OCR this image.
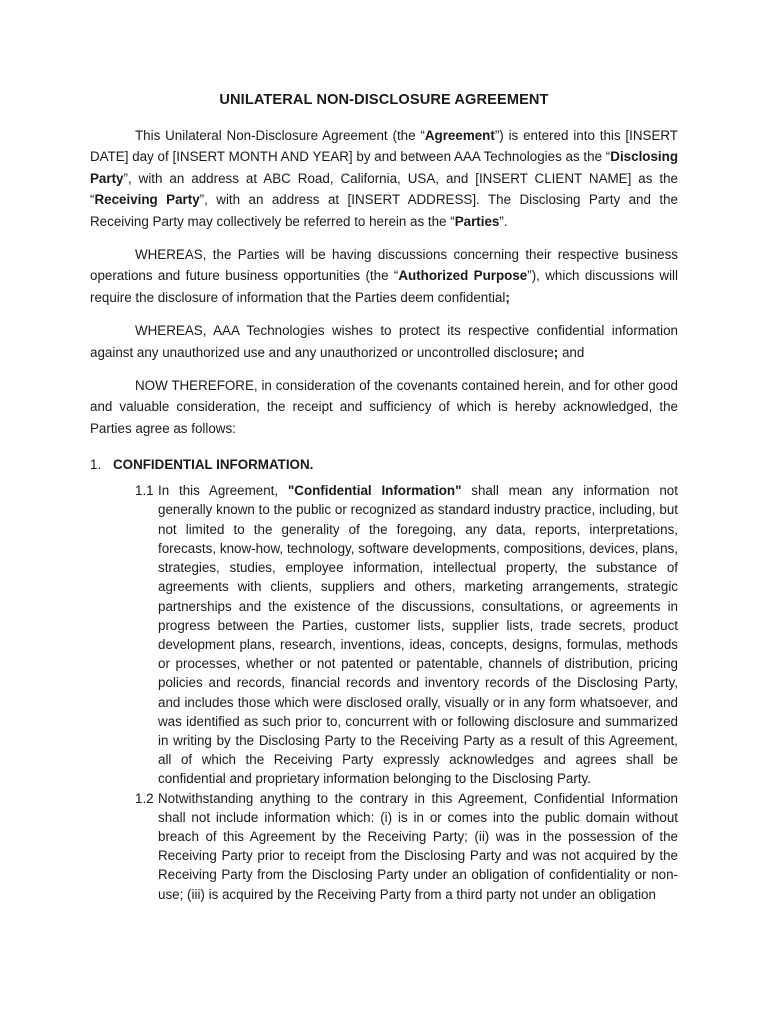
UNILATERAL NON-DISCLOSURE AGREEMENT

This Unilateral Non-Disclosure Agreement (the “Agreement”) is entered into this [INSERT DATE] day of [INSERT MONTH AND YEAR] by and between AAA Technologies as the “Disclosing Party”, with an address at ABC Road, California, USA, and [INSERT CLIENT NAME] as the “Receiving Party”, with an address at [INSERT ADDRESS]. The Disclosing Party and the Receiving Party may collectively be referred to herein as the “Parties”.

WHEREAS, the Parties will be having discussions concerning their respective business operations and future business opportunities (the “Authorized Purpose”), which discussions will require the disclosure of information that the Parties deem confidential;

WHEREAS, AAA Technologies wishes to protect its respective confidential information against any unauthorized use and any unauthorized or uncontrolled disclosure; and

NOW THEREFORE, in consideration of the covenants contained herein, and for other good and valuable consideration, the receipt and sufficiency of which is hereby acknowledged, the Parties agree as follows:

1. CONFIDENTIAL INFORMATION.
1.1 In this Agreement, "Confidential Information" shall mean any information not generally known to the public or recognized as standard industry practice, including, but not limited to the generality of the foregoing, any data, reports, interpretations, forecasts, know-how, technology, software developments, compositions, devices, plans, strategies, studies, employee information, intellectual property, the substance of agreements with clients, suppliers and others, marketing arrangements, strategic partnerships and the existence of the discussions, consultations, or agreements in progress between the Parties, customer lists, supplier lists, trade secrets, product development plans, research, inventions, ideas, concepts, designs, formulas, methods or processes, whether or not patented or patentable, channels of distribution, pricing policies and records, financial records and inventory records of the Disclosing Party, and includes those which were disclosed orally, visually or in any form whatsoever, and was identified as such prior to, concurrent with or following disclosure and summarized in writing by the Disclosing Party to the Receiving Party as a result of this Agreement, all of which the Receiving Party expressly acknowledges and agrees shall be confidential and proprietary information belonging to the Disclosing Party.
1.2 Notwithstanding anything to the contrary in this Agreement, Confidential Information shall not include information which: (i) is in or comes into the public domain without breach of this Agreement by the Receiving Party; (ii) was in the possession of the Receiving Party prior to receipt from the Disclosing Party and was not acquired by the Receiving Party from the Disclosing Party under an obligation of confidentiality or non-use; (iii) is acquired by the Receiving Party from a third party not under an obligation
